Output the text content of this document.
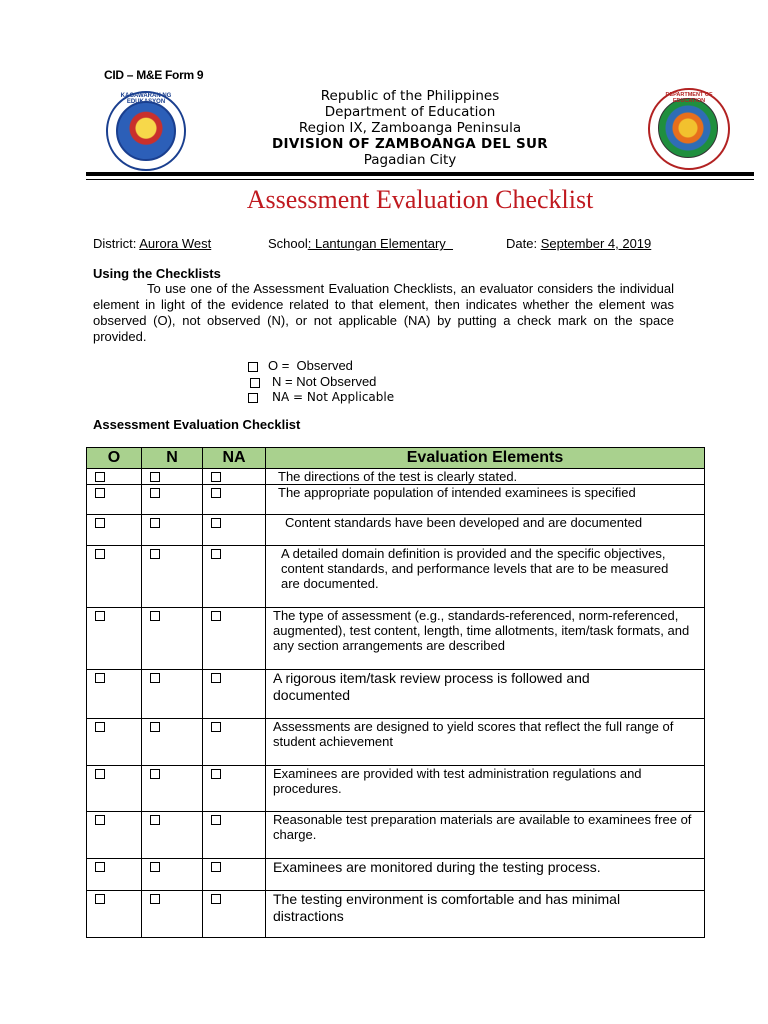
CID – M&E Form 9
KAGAWARAN NG EDUKASYON
DEPARTMENT OF EDUCATION
Republic of the Philippines
Department of Education
Region IX, Zamboanga Peninsula
DIVISION OF ZAMBOANGA DEL SUR
Pagadian City
Assessment Evaluation Checklist
District: Aurora West	School: Lantungan Elementary	Date: September 4, 2019
Using the Checklists
To use one of the Assessment Evaluation Checklists, an evaluator considers the individual element in light of the evidence related to that element, then indicates whether the element was observed (O), not observed (N), or not applicable (NA) by putting a check mark on the space provided.
O =  Observed
N = Not Observed
NA = Not Applicable
Assessment Evaluation Checklist
O	N	NA	Evaluation Elements
			The directions of the test is clearly stated.
			The appropriate population of intended examinees is specified
			Content standards have been developed and are documented
			A detailed domain definition is provided and the specific objectives, content standards, and performance levels that are to be measured are documented.
			The type of assessment (e.g., standards-referenced, norm-referenced, augmented), test content, length, time allotments, item/task formats, and any section arrangements are described
			A rigorous item/task review process is followed and documented
			Assessments are designed to yield scores that reflect the full range of student achievement
			Examinees are provided with test administration regulations and procedures.
			Reasonable test preparation materials are available to examinees free of charge.
			Examinees are monitored during the testing process.
			The testing environment is comfortable and has minimal distractions
